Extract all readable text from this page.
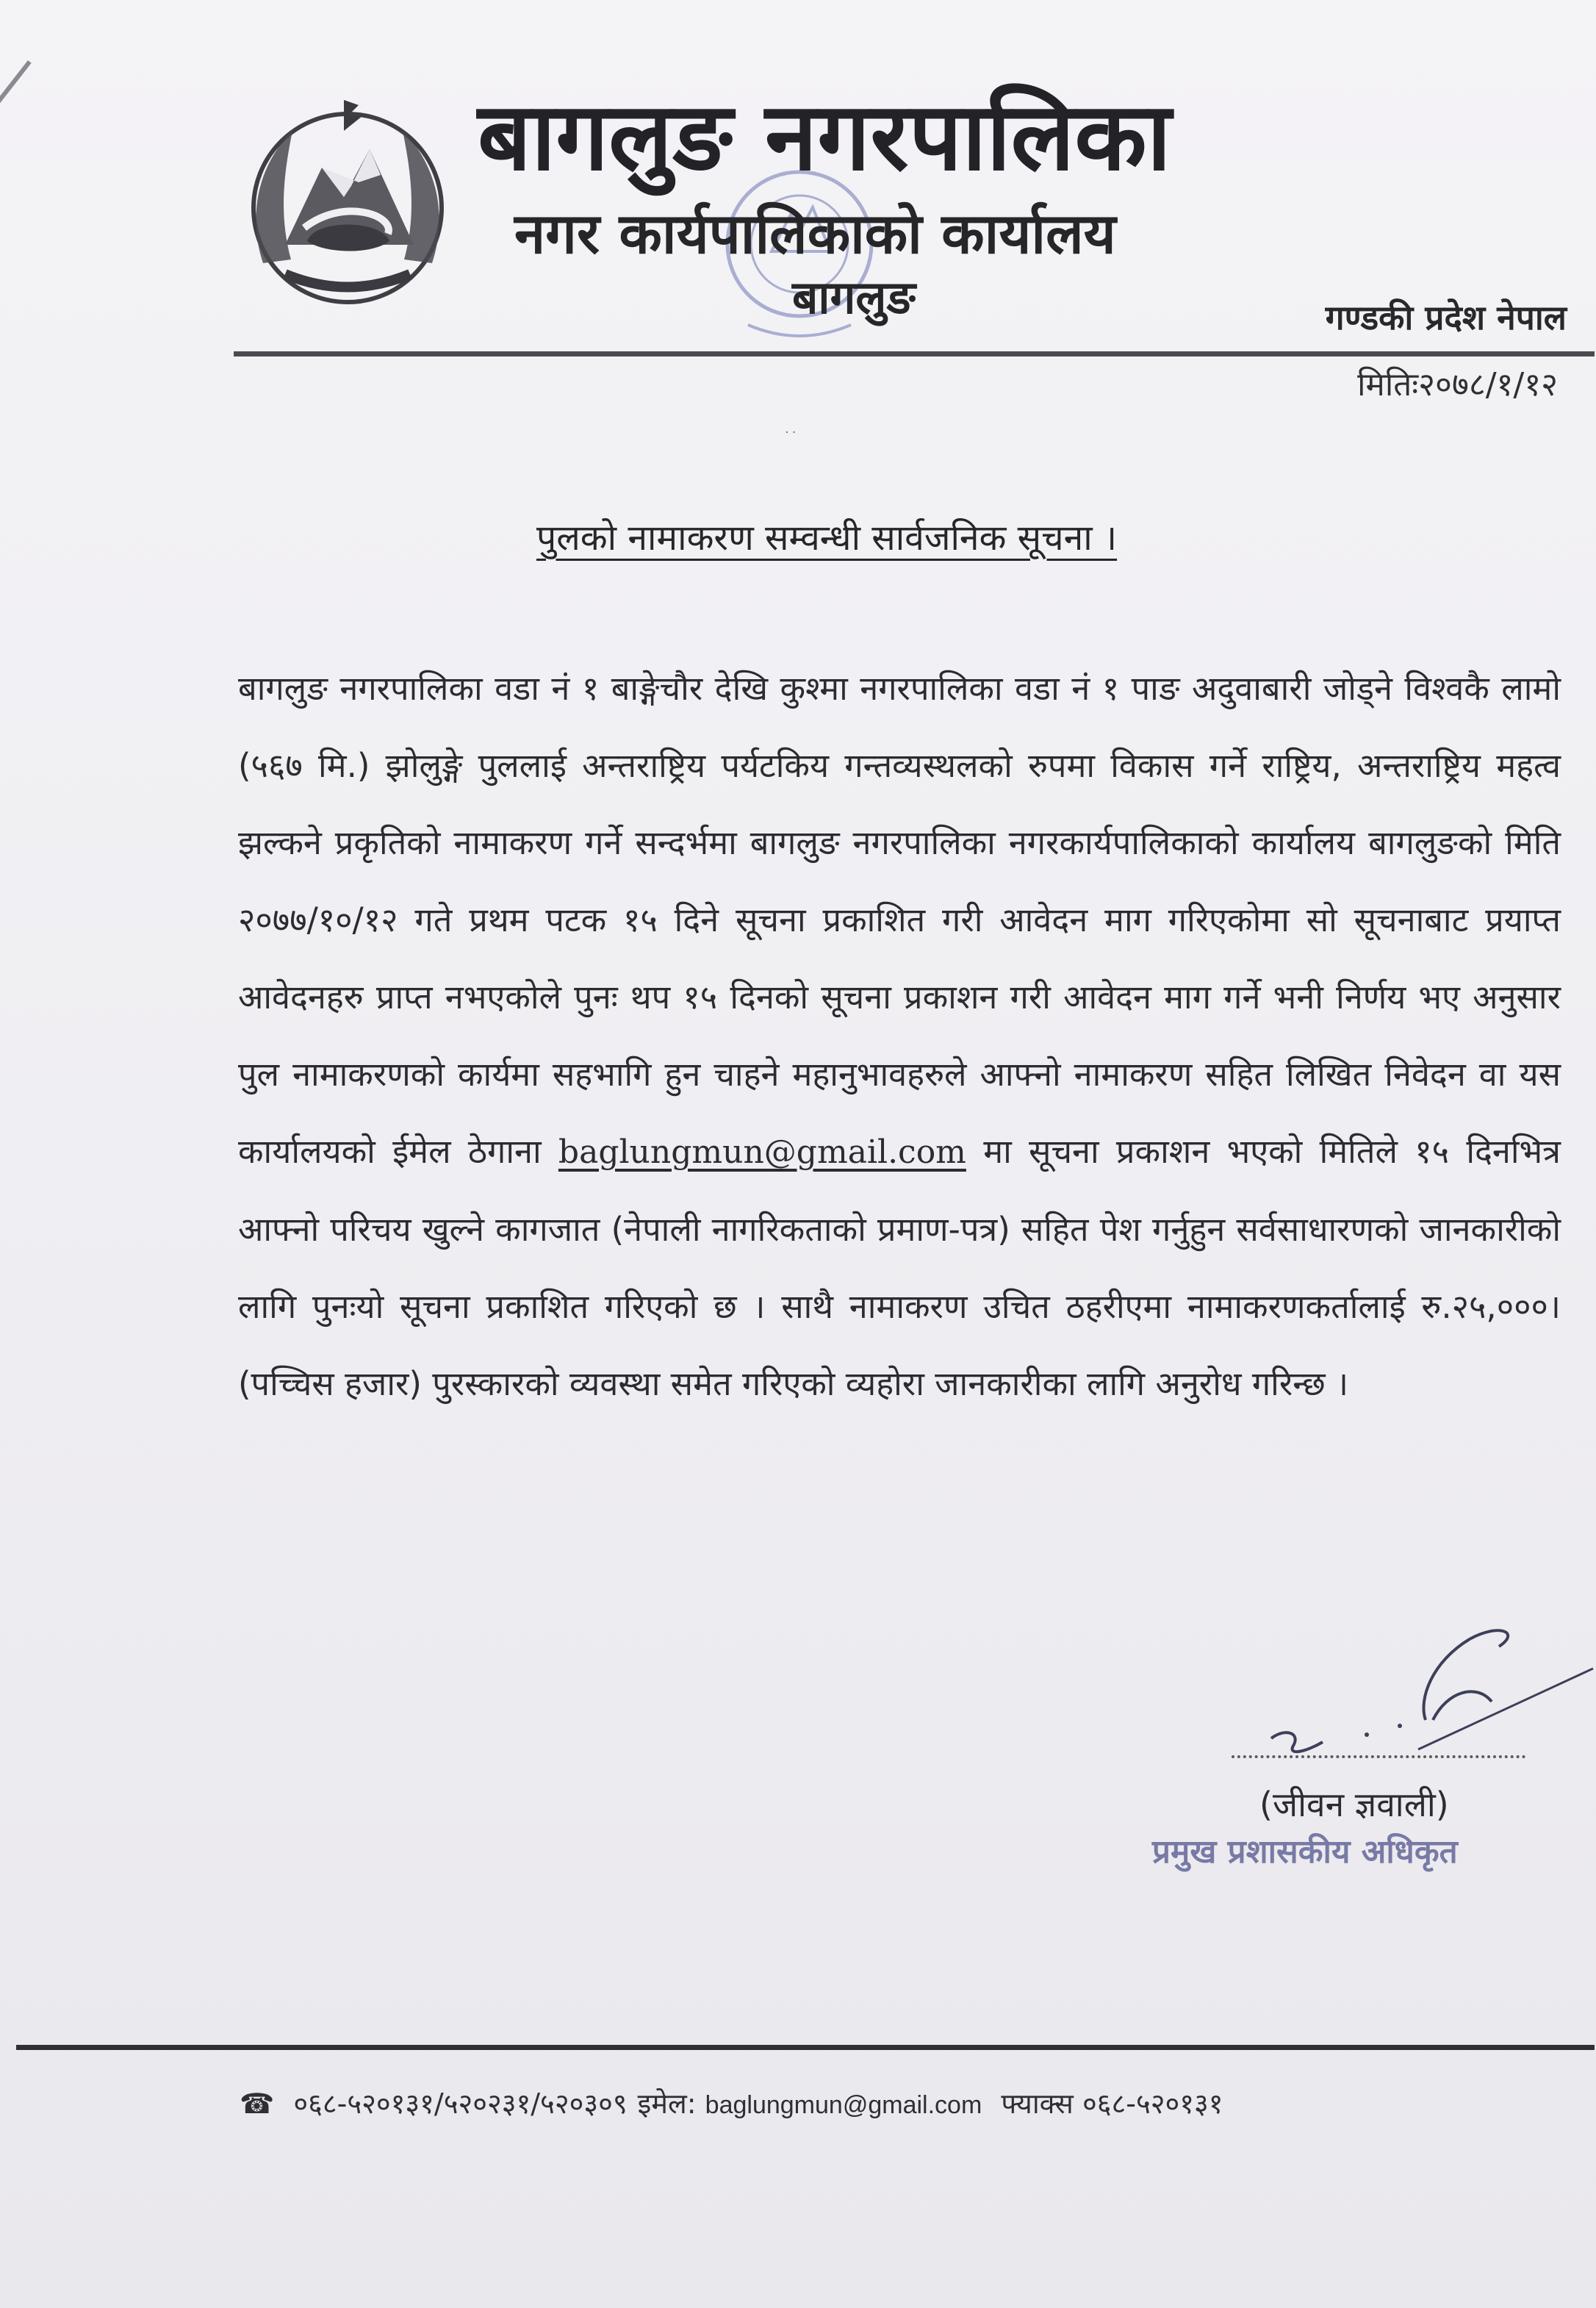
बागलुङ नगरपालिका
नगर कार्यपालिकाको कार्यालय
बागलुङ	गण्डकी प्रदेश नेपाल
मितिः२०७८/१/१२
··
पुलको नामाकरण सम्वन्धी सार्वजनिक सूचना ।
बागलुङ नगरपालिका वडा नं १ बाङ्गेचौर देखि कुश्मा नगरपालिका वडा नं १ पाङ अदुवाबारी जोड्ने विश्वकै लामो (५६७ मि.) झोलुङ्गे पुललाई अन्तराष्ट्रिय पर्यटकिय गन्तव्यस्थलको रुपमा विकास गर्ने राष्ट्रिय, अन्तराष्ट्रिय महत्व झल्कने प्रकृतिको नामाकरण गर्ने सन्दर्भमा बागलुङ नगरपालिका नगरकार्यपालिकाको कार्यालय बागलुङको मिति २०७७/१०/१२ गते प्रथम पटक १५ दिने सूचना प्रकाशित गरी आवेदन माग गरिएकोमा सो सूचनाबाट प्रयाप्त आवेदनहरु प्राप्त नभएकोले पुनः थप १५ दिनको सूचना प्रकाशन गरी आवेदन माग गर्ने भनी निर्णय भए अनुसार पुल नामाकरणको कार्यमा सहभागि हुन चाहने महानुभावहरुले आफ्नो नामाकरण सहित लिखित निवेदन वा यस कार्यालयको ईमेल ठेगाना baglungmun@gmail.com मा सूचना प्रकाशन भएको मितिले १५ दिनभित्र आफ्नो परिचय खुल्ने कागजात (नेपाली नागरिकताको प्रमाण-पत्र) सहित पेश गर्नुहुन सर्वसाधारणको जानकारीको लागि पुनःयो सूचना प्रकाशित गरिएको छ । साथै नामाकरण उचित ठहरीएमा नामाकरणकर्तालाई रु.२५,०००।(पच्चिस हजार) पुरस्कारको व्यवस्था समेत गरिएको व्यहोरा जानकारीका लागि अनुरोध गरिन्छ ।
(जीवन ज्ञवाली)
प्रमुख प्रशासकीय अधिकृत
☎ ०६८-५२०१३१/५२०२३१/५२०३०९ इमेल: baglungmun@gmail.com फ्याक्स ०६८-५२०१३१
